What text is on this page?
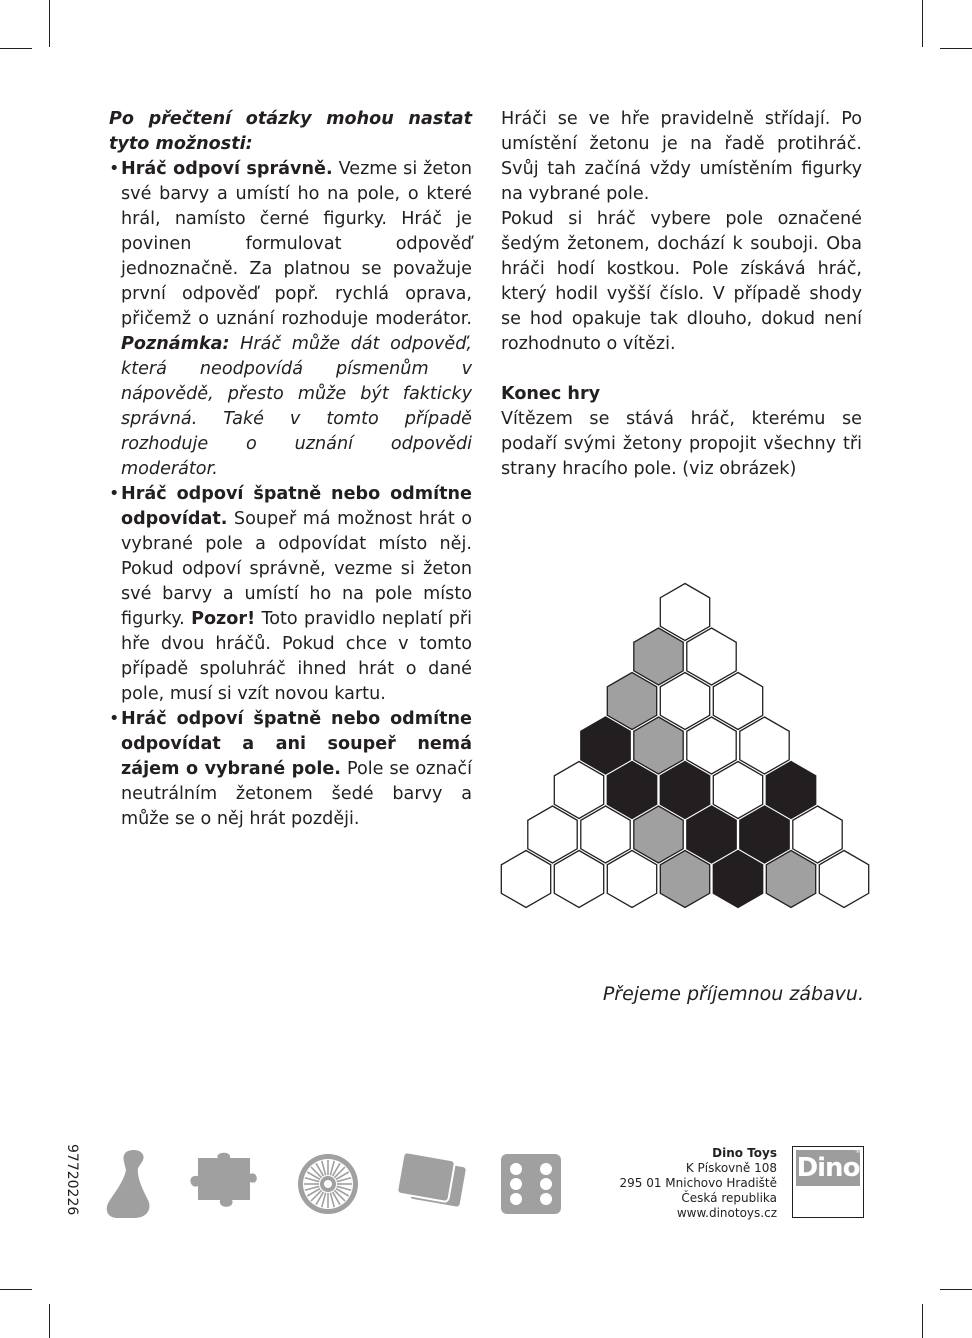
Po přečtení otázky mohou nastat tyto možnosti:

• Hráč odpoví správně. Vezme si žeton své barvy a umístí ho na pole, o které hrál, namísto černé figurky. Hráč je povinen formulovat odpověď jednoznačně. Za platnou se považuje první odpověď popř. rychlá oprava, přičemž o uznání rozhoduje moderátor. Poznámka: Hráč může dát odpověď, která neodpovídá písmenům v nápovědě, přesto může být fakticky správná. Také v tomto případě rozhoduje o uznání odpovědi moderátor.

• Hráč odpoví špatně nebo odmítne odpovídat. Soupeř má možnost hrát o vybrané pole a odpovídat místo něj. Pokud odpoví správně, vezme si žeton své barvy a umístí ho na pole místo figurky. Pozor! Toto pravidlo neplatí při hře dvou hráčů. Pokud chce v tomto případě spoluhráč ihned hrát o dané pole, musí si vzít novou kartu.

• Hráč odpoví špatně nebo odmítne odpovídat a ani soupeř nemá zájem o vybrané pole. Pole se označí neutrálním žetonem šedé barvy a může se o něj hrát později.

Hráči se ve hře pravidelně střídají. Po umístění žetonu je na řadě protihráč. Svůj tah začíná vždy umístěním figurky na vybrané pole.

Pokud si hráč vybere pole označené šedým žetonem, dochází k souboji. Oba hráči hodí kostkou. Pole získává hráč, který hodil vyšší číslo. V případě shody se hod opakuje tak dlouho, dokud není rozhodnuto o vítězi.

Konec hry

Vítězem se stává hráč, kterému se podaří svými žetony propojit všechny tři strany hracího pole. (viz obrázek)

Přejeme příjemnou zábavu.
97720226	Dino Toys
K Pískovně 108
295 01 Mnichovo Hradiště
Česká republika
www.dinotoys.cz
Dino
®
